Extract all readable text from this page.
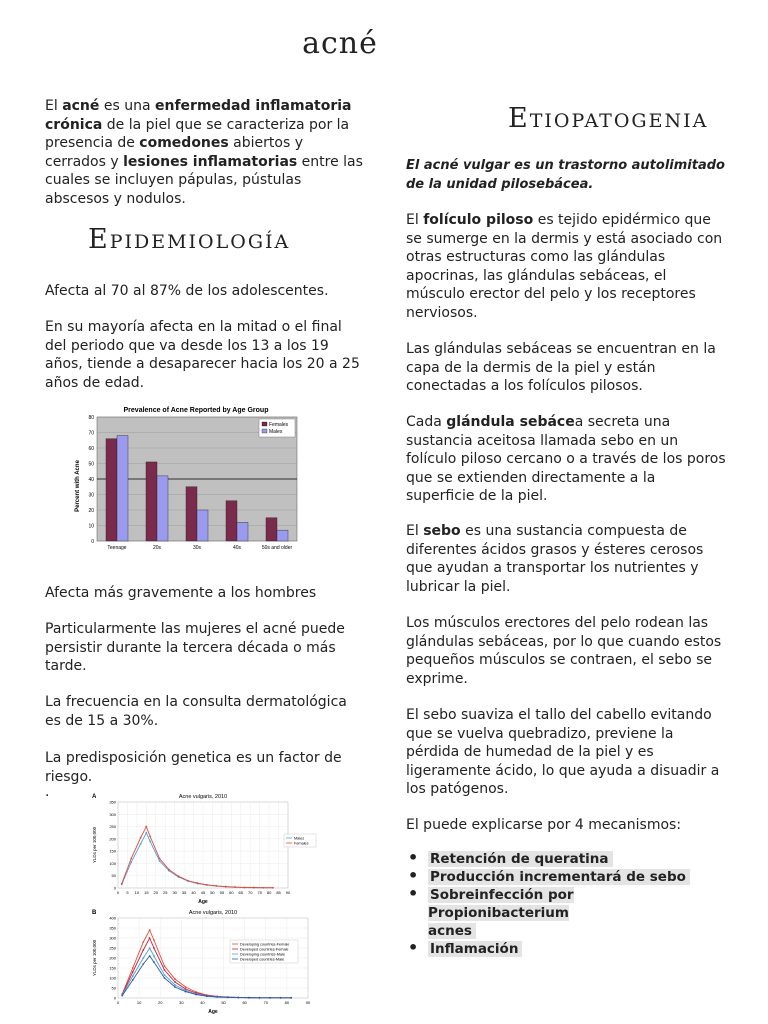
acné

El acné es una enfermedad inflamatoria crónica de la piel que se caracteriza por la presencia de comedones abiertos y cerrados y lesiones inflamatorias entre las cuales se incluyen pápulas, pústulas abscesos y nodulos.

Epidemiología

Afecta al 70 al 87% de los adolescentes.

En su mayoría afecta en la mitad o el final del periodo que va desde los 13 a los 19 años, tiende a desaparecer hacia los 20 a 25 años de edad.

Prevalence of Acne Reported by Age Group
Percent with Acne
0
10
20
30
40
50
60
70
80
Teenage	20s	30s	40s	50s and older
Females
Males

Afecta más gravemente a los hombres

Particularmente las mujeres el acné puede persistir durante la tercera década o más tarde.

La frecuencia en la consulta dermatológica es de 15 a 30%.

La predisposición genetica es un factor de riesgo.

.	A	Acne vulgaris, 2010
YLDs per 100,000
Age
0
50
100
150
200
250
300
350
0 5 10 15 20 25 30 35 40 45 50 55 60 65 70 75 80 85 90
Males
Females
B	Acne vulgaris, 2010
YLDs per 100,000
Age
0
50
100
150
200
250
300
350
400
0	10	20	30	40	50	60	70	80	90
Developing countries-Female
Developed countries-Female
Developing countries-Male
Developed countries-Male
Etiopatogenia

El acné vulgar es un trastorno autolimitado de la unidad pilosebácea.

El folículo piloso es tejido epidérmico que se sumerge en la dermis y está asociado con otras estructuras como las glándulas apocrinas, las glándulas sebáceas, el músculo erector del pelo y los receptores nerviosos.

Las glándulas sebáceas se encuentran en la capa de la dermis de la piel y están conectadas a los folículos pilosos.

Cada glándula sebácea secreta una sustancia aceitosa llamada sebo en un folículo piloso cercano o a través de los poros que se extienden directamente a la superficie de la piel.

El sebo es una sustancia compuesta de diferentes ácidos grasos y ésteres cerosos que ayudan a transportar los nutrientes y lubricar la piel.

Los músculos erectores del pelo rodean las glándulas sebáceas, por lo que cuando estos pequeños músculos se contraen, el sebo se exprime.

El sebo suaviza el tallo del cabello evitando que se vuelva quebradizo, previene la pérdida de humedad de la piel y es ligeramente ácido, lo que ayuda a disuadir a los patógenos.

El puede explicarse por 4 mecanismos:

• Retención de queratina
• Producción incrementará de sebo
• Sobreinfección por Propionibacterium acnes
• Inflamación
